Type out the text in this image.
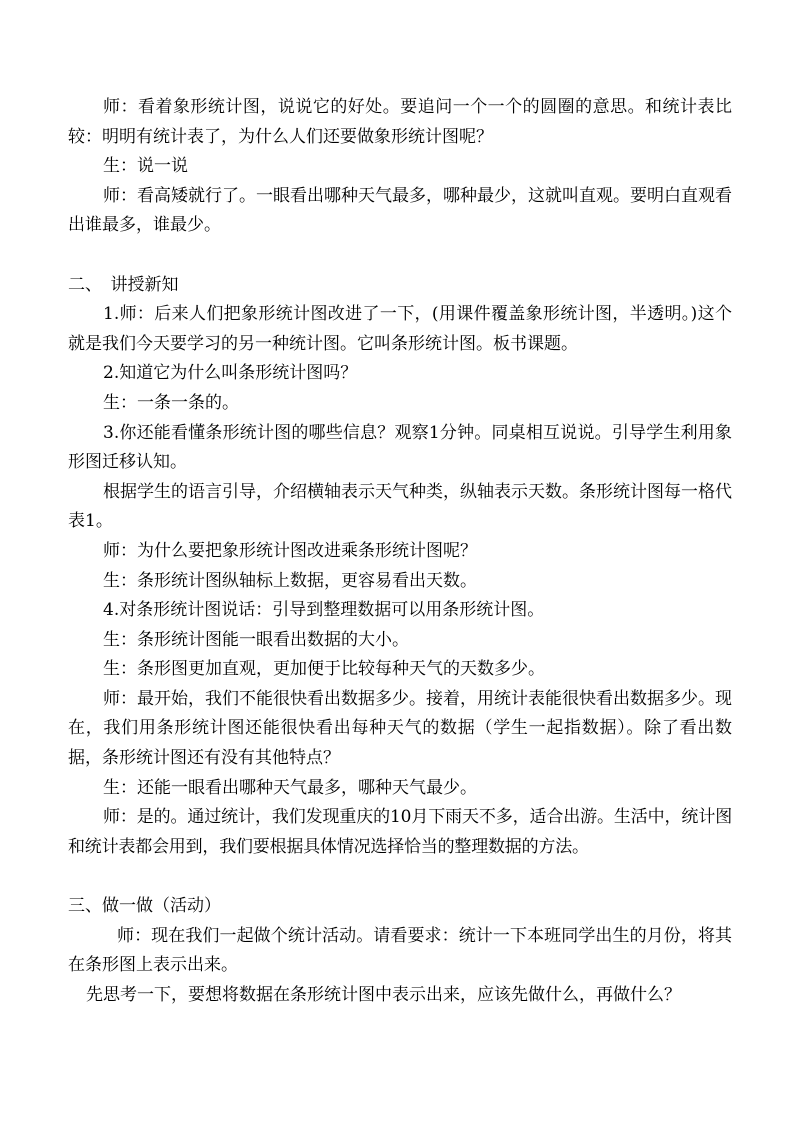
师：看着象形统计图，说说它的好处。要追问一个一个的圆圈的意思。和统计表比较：明明有统计表了，为什么人们还要做象形统计图呢？

生：说一说

师：看高矮就行了。一眼看出哪种天气最多，哪种最少，这就叫直观。要明白直观看出谁最多，谁最少。

二、　讲授新知

1.师：后来人们把象形统计图改进了一下，(用课件覆盖象形统计图，半透明。)这个就是我们今天要学习的另一种统计图。它叫条形统计图。板书课题。

2.知道它为什么叫条形统计图吗？

生：一条一条的。

3.你还能看懂条形统计图的哪些信息？观察1分钟。同桌相互说说。引导学生利用象形图迁移认知。

根据学生的语言引导，介绍横轴表示天气种类，纵轴表示天数。条形统计图每一格代表1。

师：为什么要把象形统计图改进乘条形统计图呢？

生：条形统计图纵轴标上数据，更容易看出天数。

4.对条形统计图说话：引导到整理数据可以用条形统计图。

生：条形统计图能一眼看出数据的大小。

生：条形图更加直观，更加便于比较每种天气的天数多少。

师：最开始，我们不能很快看出数据多少。接着，用统计表能很快看出数据多少。现在，我们用条形统计图还能很快看出每种天气的数据（学生一起指数据）。除了看出数据，条形统计图还有没有其他特点？

生：还能一眼看出哪种天气最多，哪种天气最少。

师：是的。通过统计，我们发现重庆的10月下雨天不多，适合出游。生活中，统计图和统计表都会用到，我们要根据具体情况选择恰当的整理数据的方法。

三、做一做（活动）

师：现在我们一起做个统计活动。请看要求：统计一下本班同学出生的月份，将其在条形图上表示出来。

先思考一下，要想将数据在条形统计图中表示出来，应该先做什么，再做什么？
